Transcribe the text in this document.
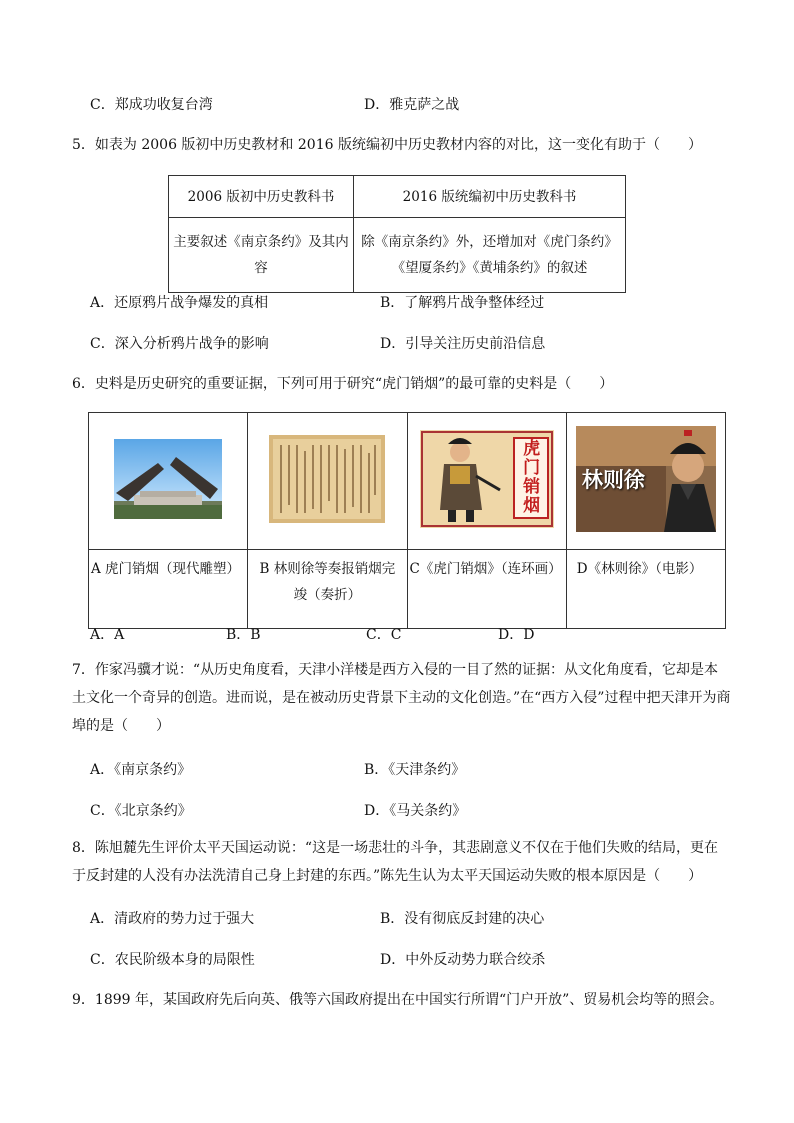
C．郑成功收复台湾	D．雅克萨之战
5．如表为 2006 版初中历史教材和 2016 版统编初中历史教材内容的对比，这一变化有助于（　　）
2006 版初中历史教科书	2016 版统编初中历史教科书
主要叙述《南京条约》及其内容	除《南京条约》外，还增加对《虎门条约》《望厦条约》《黄埔条约》的叙述
A．还原鸦片战争爆发的真相	B．了解鸦片战争整体经过
C．深入分析鸦片战争的影响	D．引导关注历史前沿信息
6．史料是历史研究的重要证据，下列可用于研究“虎门销烟”的最可靠的史料是（　　）

虎门销烟	林则徐

A 虎门销烟（现代雕塑）	B 林则徐等奏报销烟完竣（奏折）	C《虎门销烟》（连环画）	D《林则徐》（电影）
A．A	B．B	C．C	D．D
7．作家冯骥才说：“从历史角度看，天津小洋楼是西方入侵的一目了然的证据：从文化角度看，它却是本土文化一个奇异的创造。进而说，是在被动历史背景下主动的文化创造。”在“西方入侵”过程中把天津开为商埠的是（　　）
A．《南京条约》	B．《天津条约》
C．《北京条约》	D．《马关条约》
8．陈旭麓先生评价太平天国运动说：“这是一场悲壮的斗争，其悲剧意义不仅在于他们失败的结局，更在于反封建的人没有办法洗清自己身上封建的东西。”陈先生认为太平天国运动失败的根本原因是（　　）
A．清政府的势力过于强大	B．没有彻底反封建的决心
C．农民阶级本身的局限性	D．中外反动势力联合绞杀
9．1899 年，某国政府先后向英、俄等六国政府提出在中国实行所谓“门户开放”、贸易机会均等的照会。
